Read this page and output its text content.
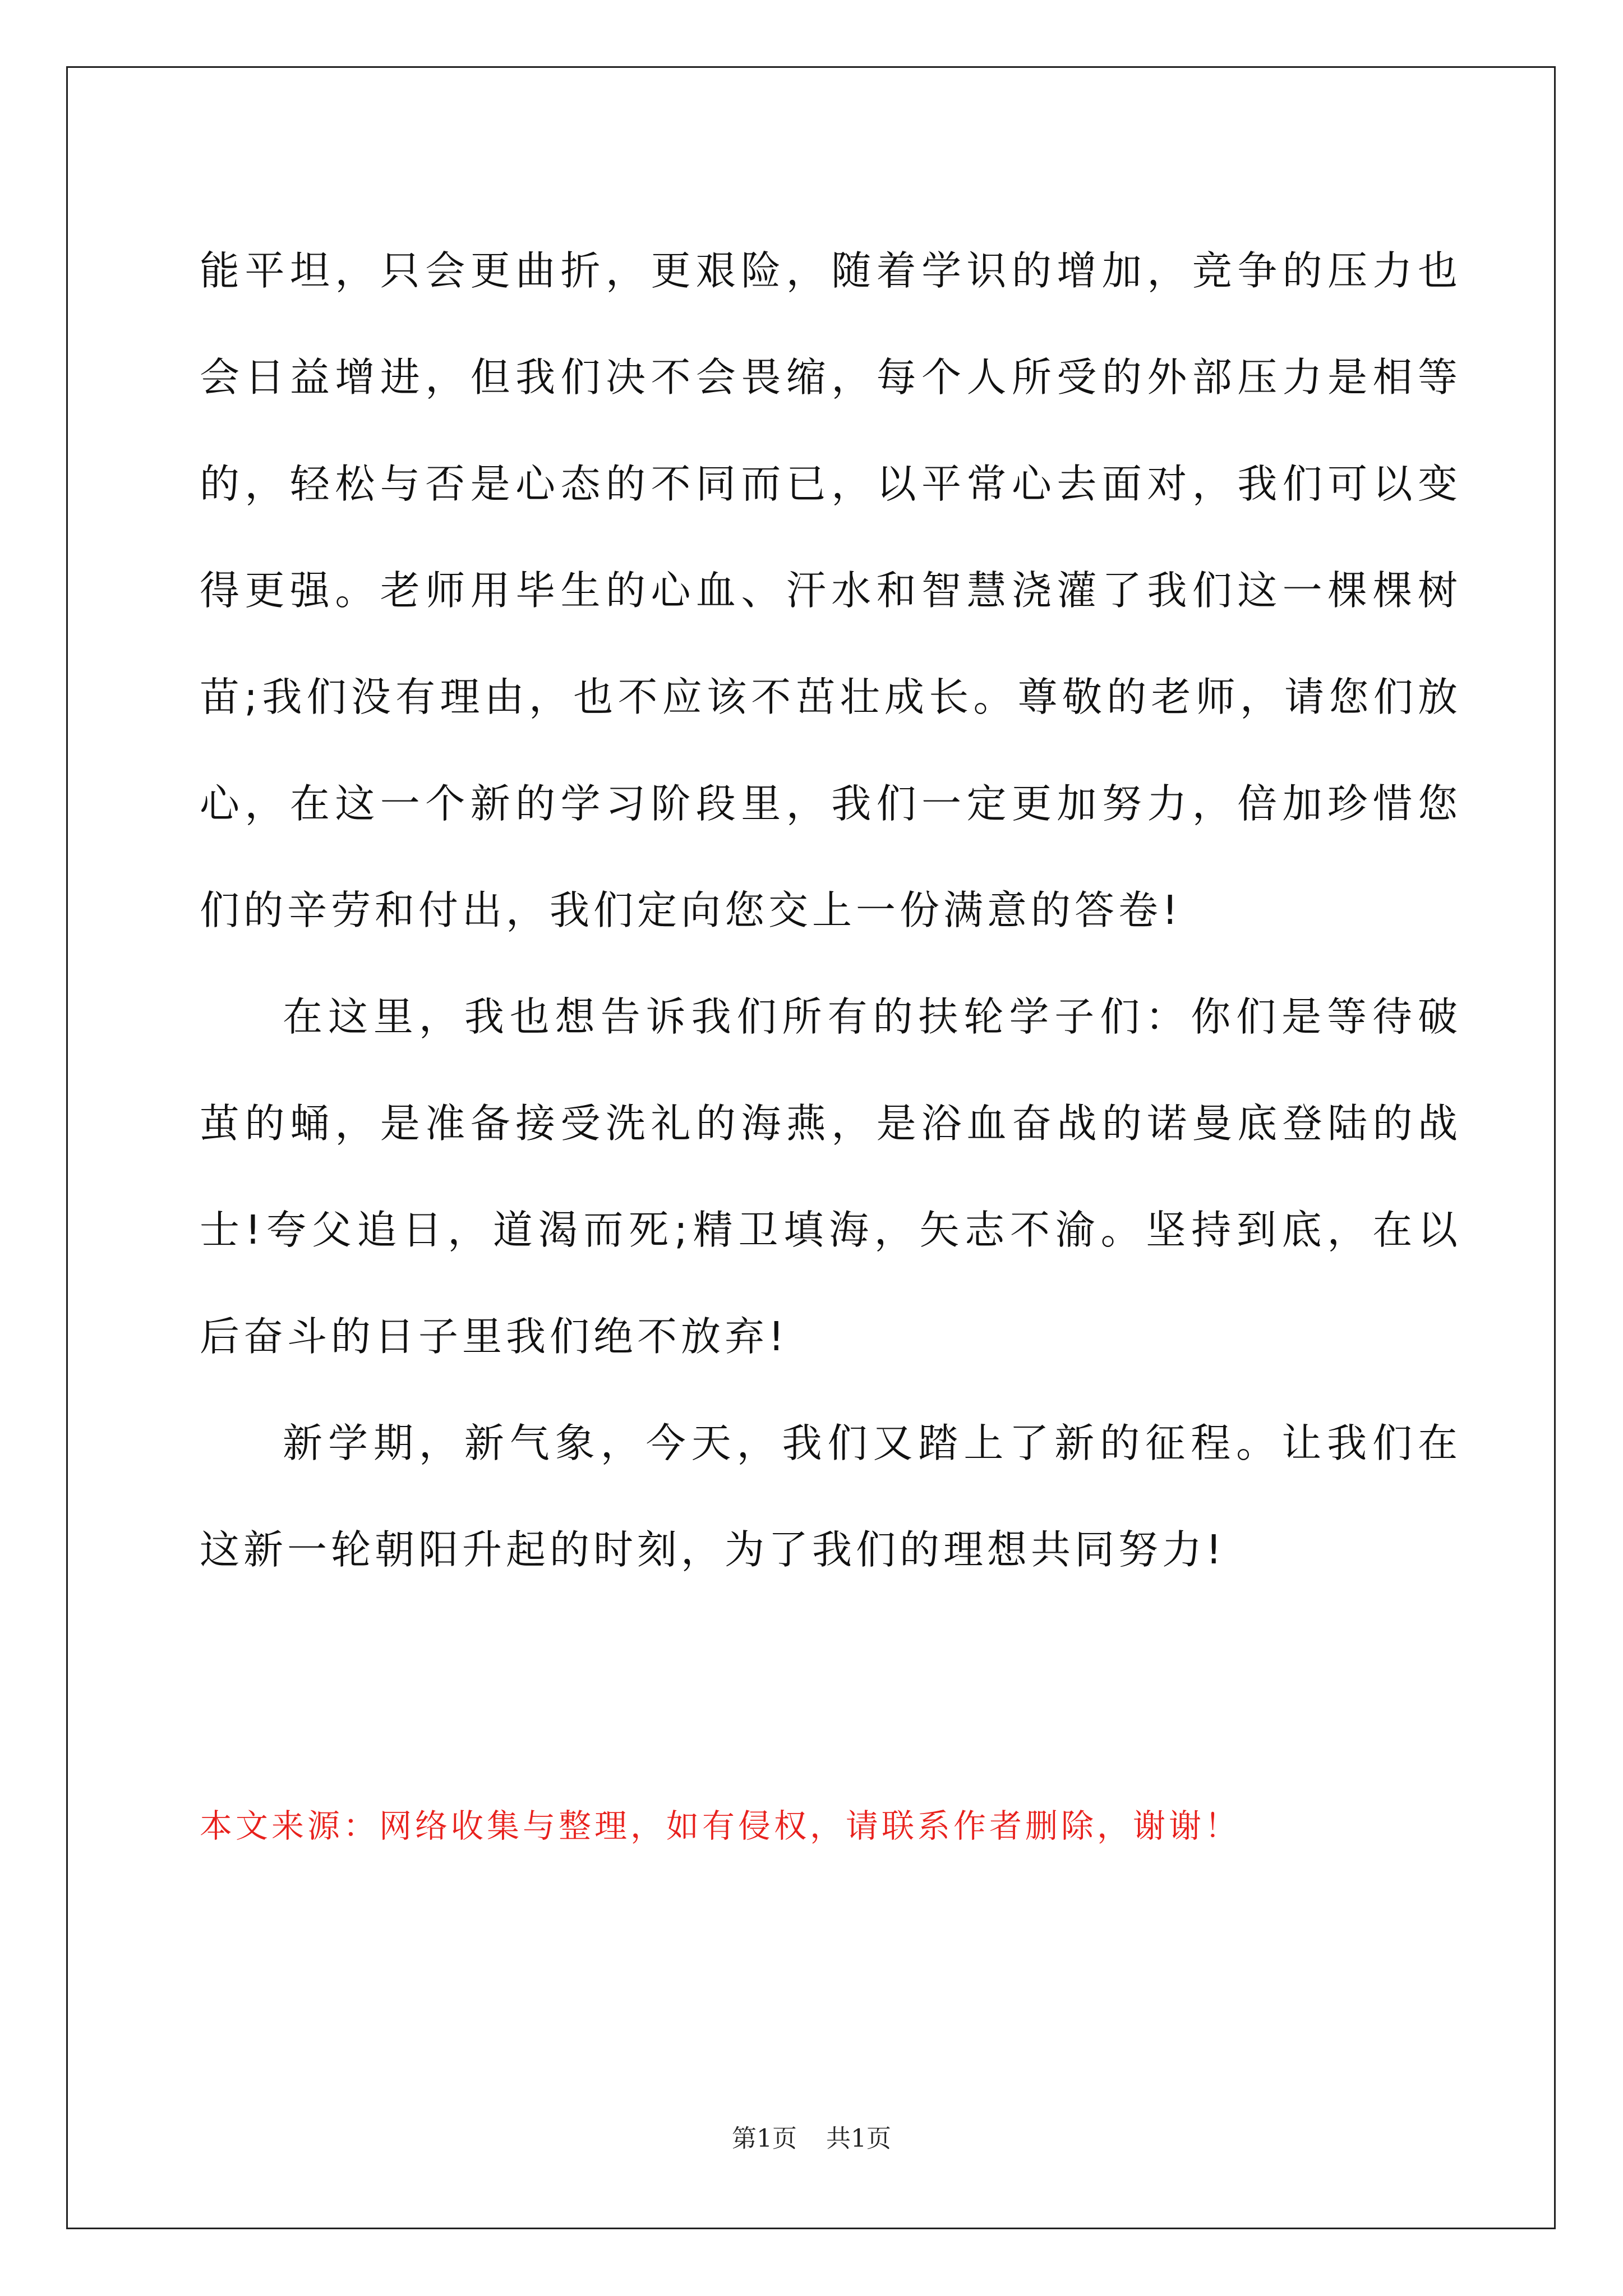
能平坦，只会更曲折，更艰险，随着学识的增加，竞争的压力也会日益增进，但我们决不会畏缩，每个人所受的外部压力是相等的，轻松与否是心态的不同而已，以平常心去面对，我们可以变得更强。老师用毕生的心血、汗水和智慧浇灌了我们这一棵棵树苗;我们没有理由，也不应该不茁壮成长。尊敬的老师，请您们放心，在这一个新的学习阶段里，我们一定更加努力，倍加珍惜您们的辛劳和付出，我们定向您交上一份满意的答卷!

在这里，我也想告诉我们所有的扶轮学子们：你们是等待破茧的蛹，是准备接受洗礼的海燕，是浴血奋战的诺曼底登陆的战士!夸父追日，道渴而死;精卫填海，矢志不渝。坚持到底，在以后奋斗的日子里我们绝不放弃!

新学期，新气象，今天，我们又踏上了新的征程。让我们在这新一轮朝阳升起的时刻，为了我们的理想共同努力!

本文来源：网络收集与整理，如有侵权，请联系作者删除，谢谢！

第1页 共1页
